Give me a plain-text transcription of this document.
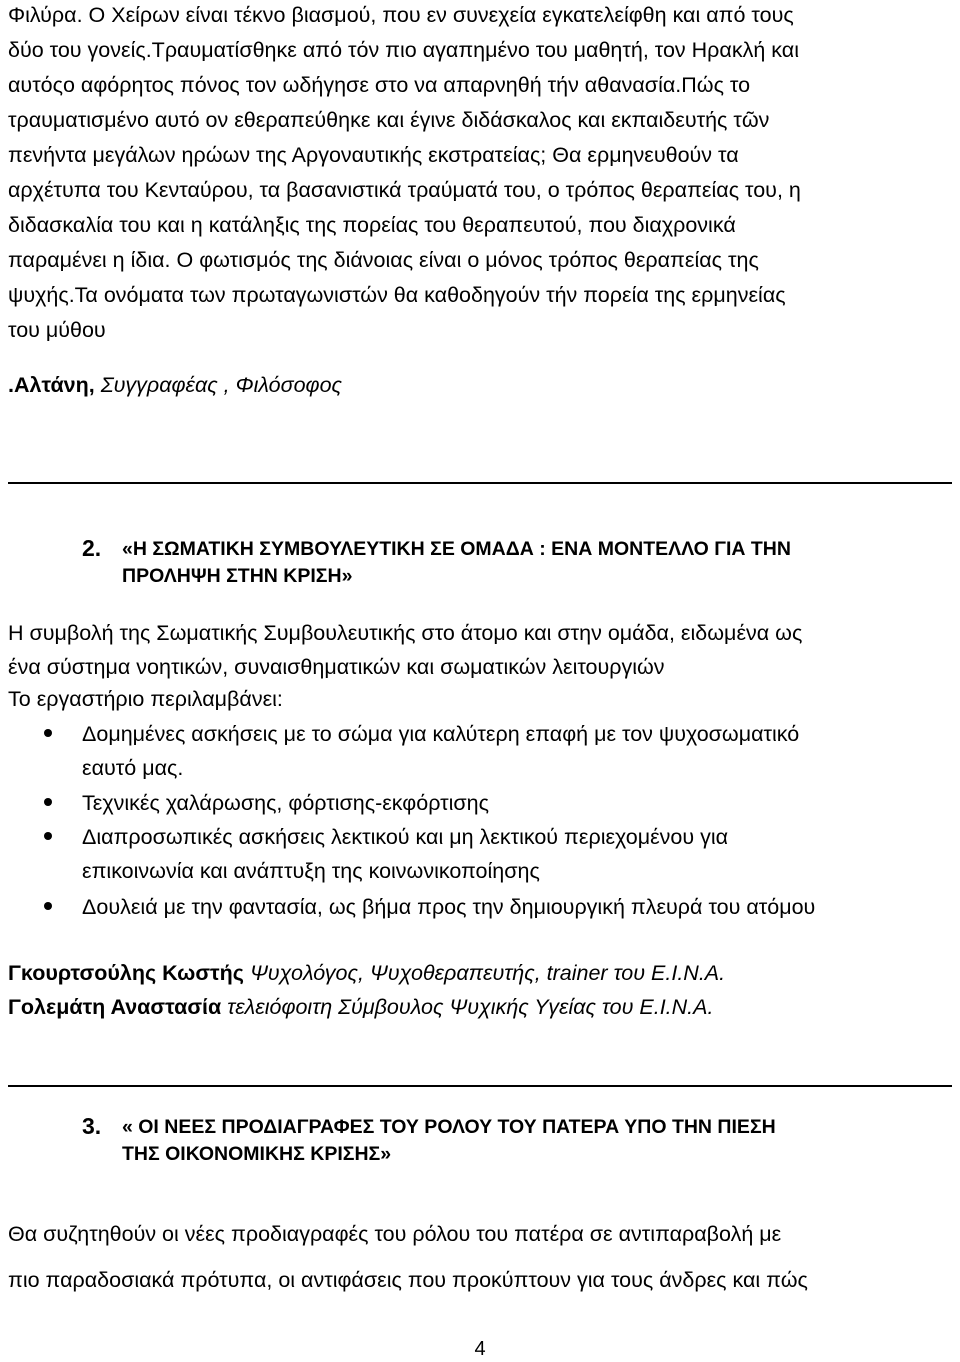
Φιλύρα. Ο Χείρων είναι τέκνο βιασμού, που εν συνεχεία εγκατελείφθη και από τους
δύο του γονείς.Τραυματίσθηκε από τόν πιο αγαπημένο του μαθητή, τον Ηρακλή και
αυτόςο αφόρητος πόνος τον ωδήγησε στο να απαρνηθή τήν αθανασία.Πώς το
τραυματισμένο αυτό ον εθεραπεύθηκε και έγινε διδάσκαλος και εκπαιδευτής τῶν
πενήντα μεγάλων ηρώων της Αργοναυτικής εκστρατείας; Θα ερμηνευθούν τα
αρχέτυπα του Κενταύρου, τα βασανιστικά τραύματά του, ο τρόπος θεραπείας του, η
διδασκαλία του και η κατάληξις της πορείας του θεραπευτού, που διαχρονικά
παραμένει η ίδια. Ο φωτισμός της διάνοιας είναι ο μόνος τρόπος θεραπείας της
ψυχής.Τα ονόματα των πρωταγωνιστών θα καθοδηγούν τήν πορεία της ερμηνείας
του μύθου
.Αλτάνη, Συγγραφέας , Φιλόσοφος
2. «Η ΣΩΜΑΤΙΚΗ ΣΥΜΒΟΥΛΕΥΤΙΚΗ ΣΕ ΟΜΑΔΑ : ΕΝΑ ΜΟΝΤΕΛΛΟ ΓΙΑ ΤΗΝ
ΠΡΟΛΗΨΗ ΣΤΗΝ ΚΡΙΣΗ»
Η συμβολή της Σωματικής Συμβουλευτικής στο άτομο και στην ομάδα, ειδωμένα ως
ένα σύστημα νοητικών, συναισθηματικών και σωματικών λειτουργιών
Το εργαστήριο περιλαμβάνει:
Δομημένες ασκήσεις με το σώμα για καλύτερη επαφή με τον ψυχοσωματικό
εαυτό μας.
Τεχνικές χαλάρωσης, φόρτισης-εκφόρτισης
Διαπροσωπικές ασκήσεις λεκτικού και μη λεκτικού περιεχομένου για
επικοινωνία και ανάπτυξη της κοινωνικοποίησης
Δουλειά με την φαντασία, ως βήμα προς την δημιουργική πλευρά του ατόμου
Γκουρτσούλης Κωστής Ψυχολόγος, Ψυχοθεραπευτής, trainer του Ε.Ι.Ν.Α.
Γολεμάτη Αναστασία τελειόφοιτη Σύμβουλος Ψυχικής Υγείας του Ε.Ι.Ν.Α.
3. « ΟΙ ΝΕΕΣ ΠΡΟΔΙΑΓΡΑΦΕΣ ΤΟΥ ΡΟΛΟΥ ΤΟΥ ΠΑΤΕΡΑ ΥΠΟ ΤΗΝ ΠΙΕΣΗ
ΤΗΣ ΟΙΚΟΝΟΜΙΚΗΣ ΚΡΙΣΗΣ»
Θα συζητηθούν οι νέες προδιαγραφές του ρόλου του πατέρα σε αντιπαραβολή με
πιο παραδοσιακά πρότυπα, οι αντιφάσεις που προκύπτουν για τους άνδρες και πώς
4
